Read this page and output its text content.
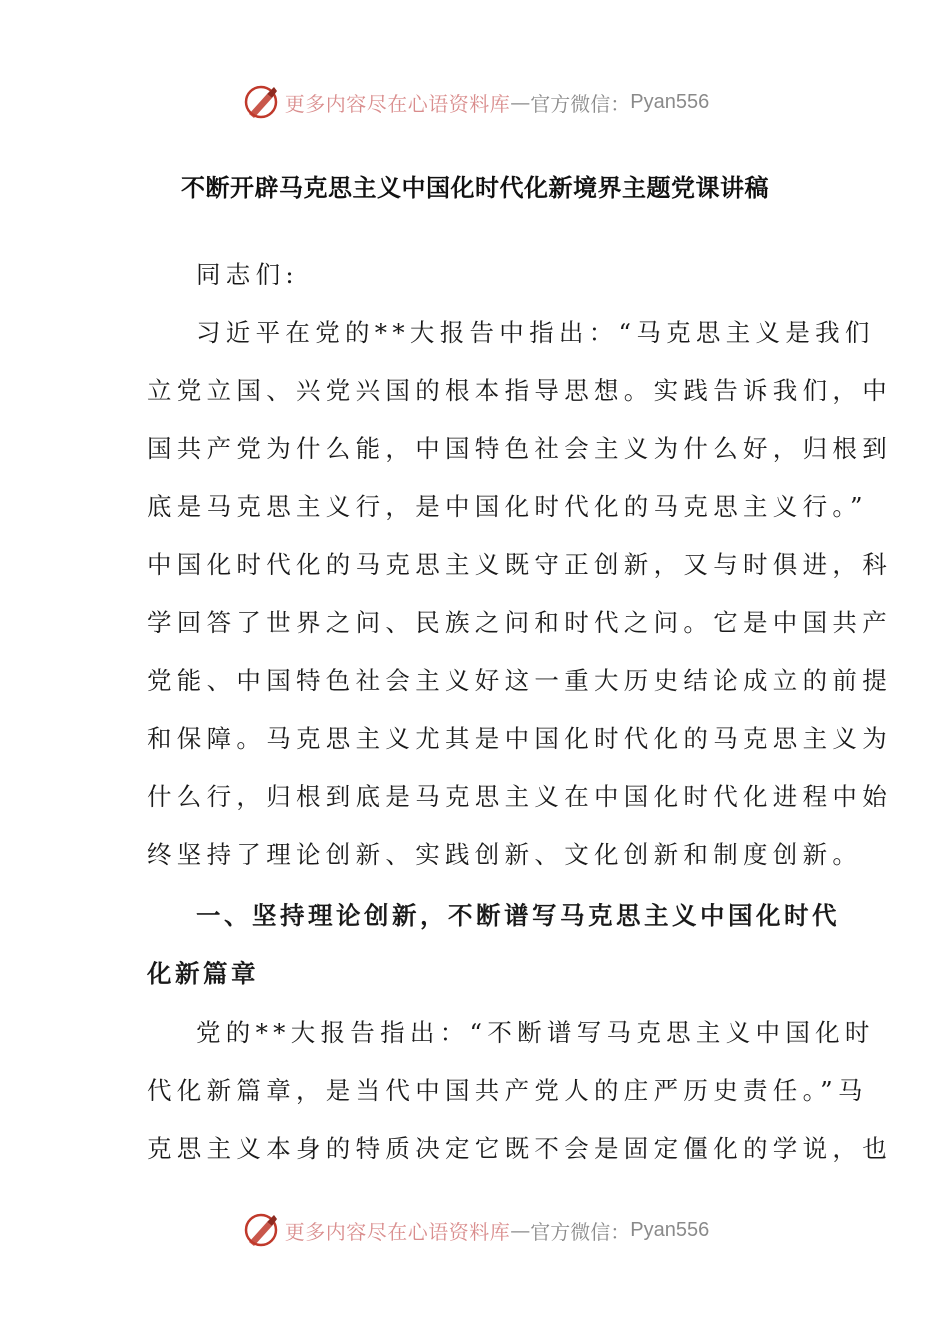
更多内容尽在心语资料库 — 官方微信： Pyan556
不断开辟马克思主义中国化时代化新境界主题党课讲稿
同志们:
习近平在党的**大报告中指出：“马克思主义是我们
立党立国、兴党兴国的根本指导思想。实践告诉我们，中
国共产党为什么能，中国特色社会主义为什么好，归根到
底是马克思主义行，是中国化时代化的马克思主义行。”
中国化时代化的马克思主义既守正创新，又与时俱进，科
学回答了世界之问、民族之问和时代之问。它是中国共产
党能、中国特色社会主义好这一重大历史结论成立的前提
和保障。马克思主义尤其是中国化时代化的马克思主义为
什么行，归根到底是马克思主义在中国化时代化进程中始
终坚持了理论创新、实践创新、文化创新和制度创新。
一、坚持理论创新，不断谱写马克思主义中国化时代
化新篇章
党的**大报告指出：“不断谱写马克思主义中国化时
代化新篇章，是当代中国共产党人的庄严历史责任。”马
克思主义本身的特质决定它既不会是固定僵化的学说，也
更多内容尽在心语资料库 — 官方微信： Pyan556
